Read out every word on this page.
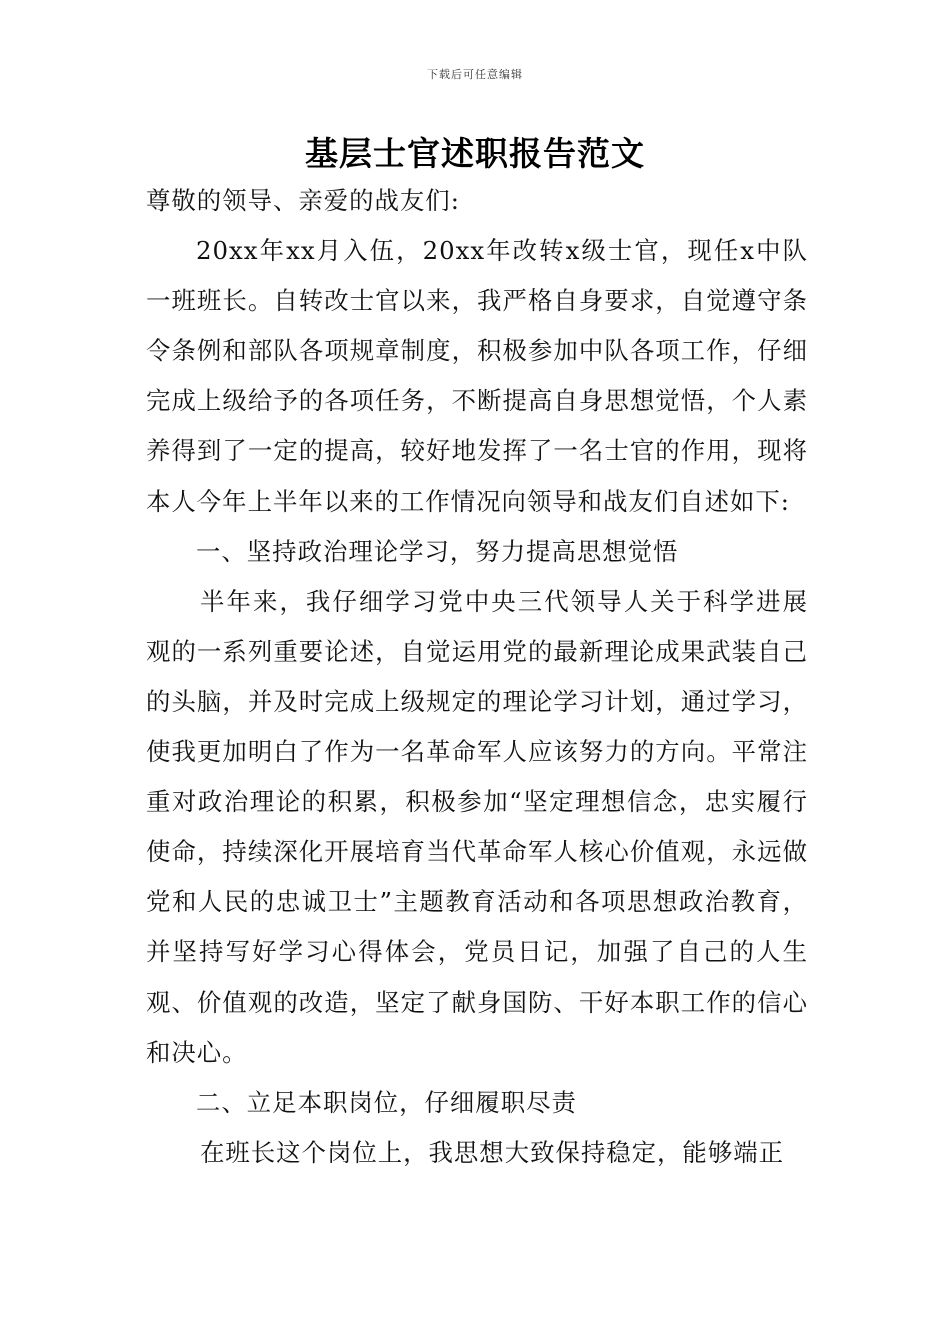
下载后可任意编辑
基层士官述职报告范文

尊敬的领导、亲爱的战友们:

20xx年xx月入伍，20xx年改转x级士官，现任x中队一班班长。自转改士官以来，我严格自身要求，自觉遵守条令条例和部队各项规章制度，积极参加中队各项工作，仔细完成上级给予的各项任务，不断提高自身思想觉悟，个人素养得到了一定的提高，较好地发挥了一名士官的作用，现将本人今年上半年以来的工作情况向领导和战友们自述如下:

一、坚持政治理论学习，努力提高思想觉悟

半年来，我仔细学习党中央三代领导人关于科学进展观的一系列重要论述，自觉运用党的最新理论成果武装自己的头脑，并及时完成上级规定的理论学习计划，通过学习，使我更加明白了作为一名革命军人应该努力的方向。平常注重对政治理论的积累，积极参加“坚定理想信念，忠实履行使命，持续深化开展培育当代革命军人核心价值观，永远做党和人民的忠诚卫士”主题教育活动和各项思想政治教育，并坚持写好学习心得体会，党员日记，加强了自己的人生观、价值观的改造，坚定了献身国防、干好本职工作的信心和决心。

二、立足本职岗位，仔细履职尽责

在班长这个岗位上，我思想大致保持稳定，能够端正
